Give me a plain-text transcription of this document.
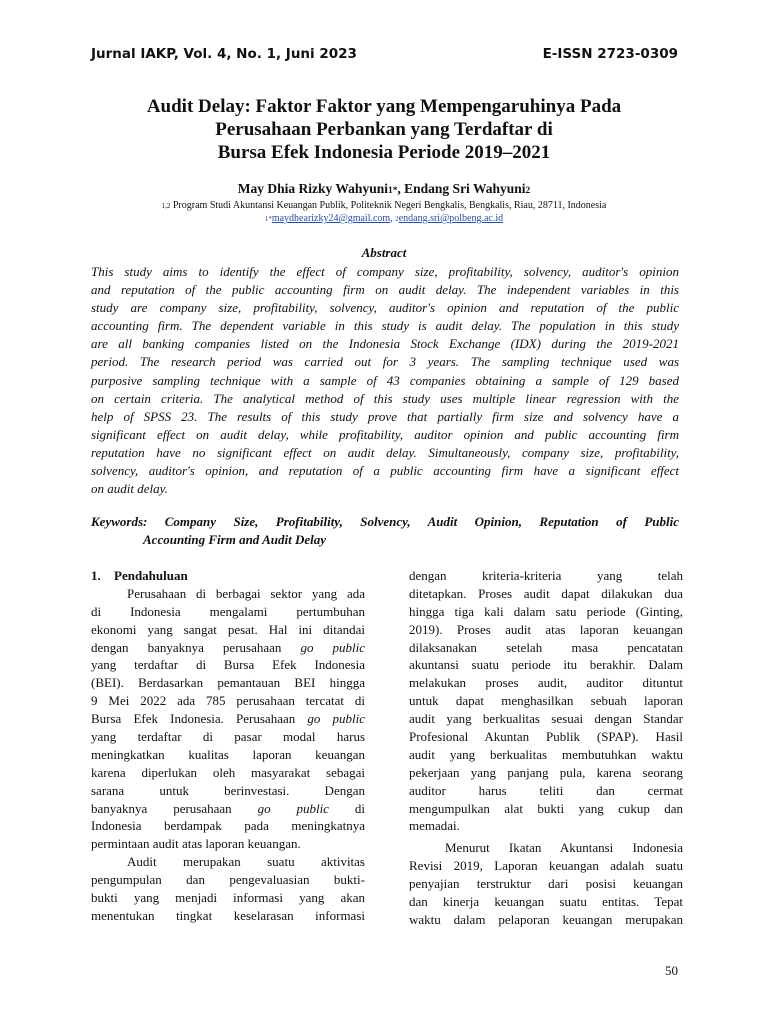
Jurnal IAKP, Vol. 4, No. 1, Juni 2023	E-ISSN 2723-0309
Audit Delay: Faktor Faktor yang Mempengaruhinya Pada
Perusahaan Perbankan yang Terdaftar di
Bursa Efek Indonesia Periode 2019–2021
May Dhia Rizky Wahyuni$^{1*}$, Endang Sri Wahyuni$^2$
$^{1,2}$ Program Studi Akuntansi Keuangan Publik, Politeknik Negeri Bengkalis, Bengkalis, Riau, 28711, Indonesia
$^{1*}$maydhearizky24@gmail.com, $^2$endang.sri@polbeng.ac.id
Abstract
This study aims to identify the effect of company size, profitability, solvency, auditor's opinion
and reputation of the public accounting firm on audit delay. The independent variables in this
study are company size, profitability, solvency, auditor's opinion and reputation of the public
accounting firm. The dependent variable in this study is audit delay. The population in this study
are all banking companies listed on the Indonesia Stock Exchange (IDX) during the 2019-2021
period. The research period was carried out for 3 years. The sampling technique used was
purposive sampling technique with a sample of 43 companies obtaining a sample of 129 based
on certain criteria. The analytical method of this study uses multiple linear regression with the
help of SPSS 23. The results of this study prove that partially firm size and solvency have a
significant effect on audit delay, while profitability, auditor opinion and public accounting firm
reputation have no significant effect on audit delay. Simultaneously, company size, profitability,
solvency, auditor's opinion, and reputation of a public accounting firm have a significant effect
on audit delay.
Keywords: Company Size, Profitability, Solvency, Audit Opinion, Reputation of Public
Accounting Firm and Audit Delay
1. Pendahuluan
Perusahaan di berbagai sektor yang ada
di Indonesia mengalami pertumbuhan
ekonomi yang sangat pesat. Hal ini ditandai
dengan banyaknya perusahaan go public
yang terdaftar di Bursa Efek Indonesia
(BEI). Berdasarkan pemantauan BEI hingga
9 Mei 2022 ada 785 perusahaan tercatat di
Bursa Efek Indonesia. Perusahaan go public
yang terdaftar di pasar modal harus
meningkatkan kualitas laporan keuangan
karena diperlukan oleh masyarakat sebagai
sarana untuk berinvestasi. Dengan
banyaknya perusahaan go public di
Indonesia berdampak pada meningkatnya
permintaan audit atas laporan keuangan.
Audit merupakan suatu aktivitas
pengumpulan dan pengevaluasian bukti-
bukti yang menjadi informasi yang akan
menentukan tingkat keselarasan informasi
dengan kriteria-kriteria yang telah
ditetapkan. Proses audit dapat dilakukan dua
hingga tiga kali dalam satu periode (Ginting,
2019). Proses audit atas laporan keuangan
dilaksanakan setelah masa pencatatan
akuntansi suatu periode itu berakhir. Dalam
melakukan proses audit, auditor dituntut
untuk dapat menghasilkan sebuah laporan
audit yang berkualitas sesuai dengan Standar
Profesional Akuntan Publik (SPAP). Hasil
audit yang berkualitas membutuhkan waktu
pekerjaan yang panjang pula, karena seorang
auditor harus teliti dan cermat
mengumpulkan alat bukti yang cukup dan
memadai.
Menurut Ikatan Akuntansi Indonesia
Revisi 2019, Laporan keuangan adalah suatu
penyajian terstruktur dari posisi keuangan
dan kinerja keuangan suatu entitas. Tepat
waktu dalam pelaporan keuangan merupakan
50
